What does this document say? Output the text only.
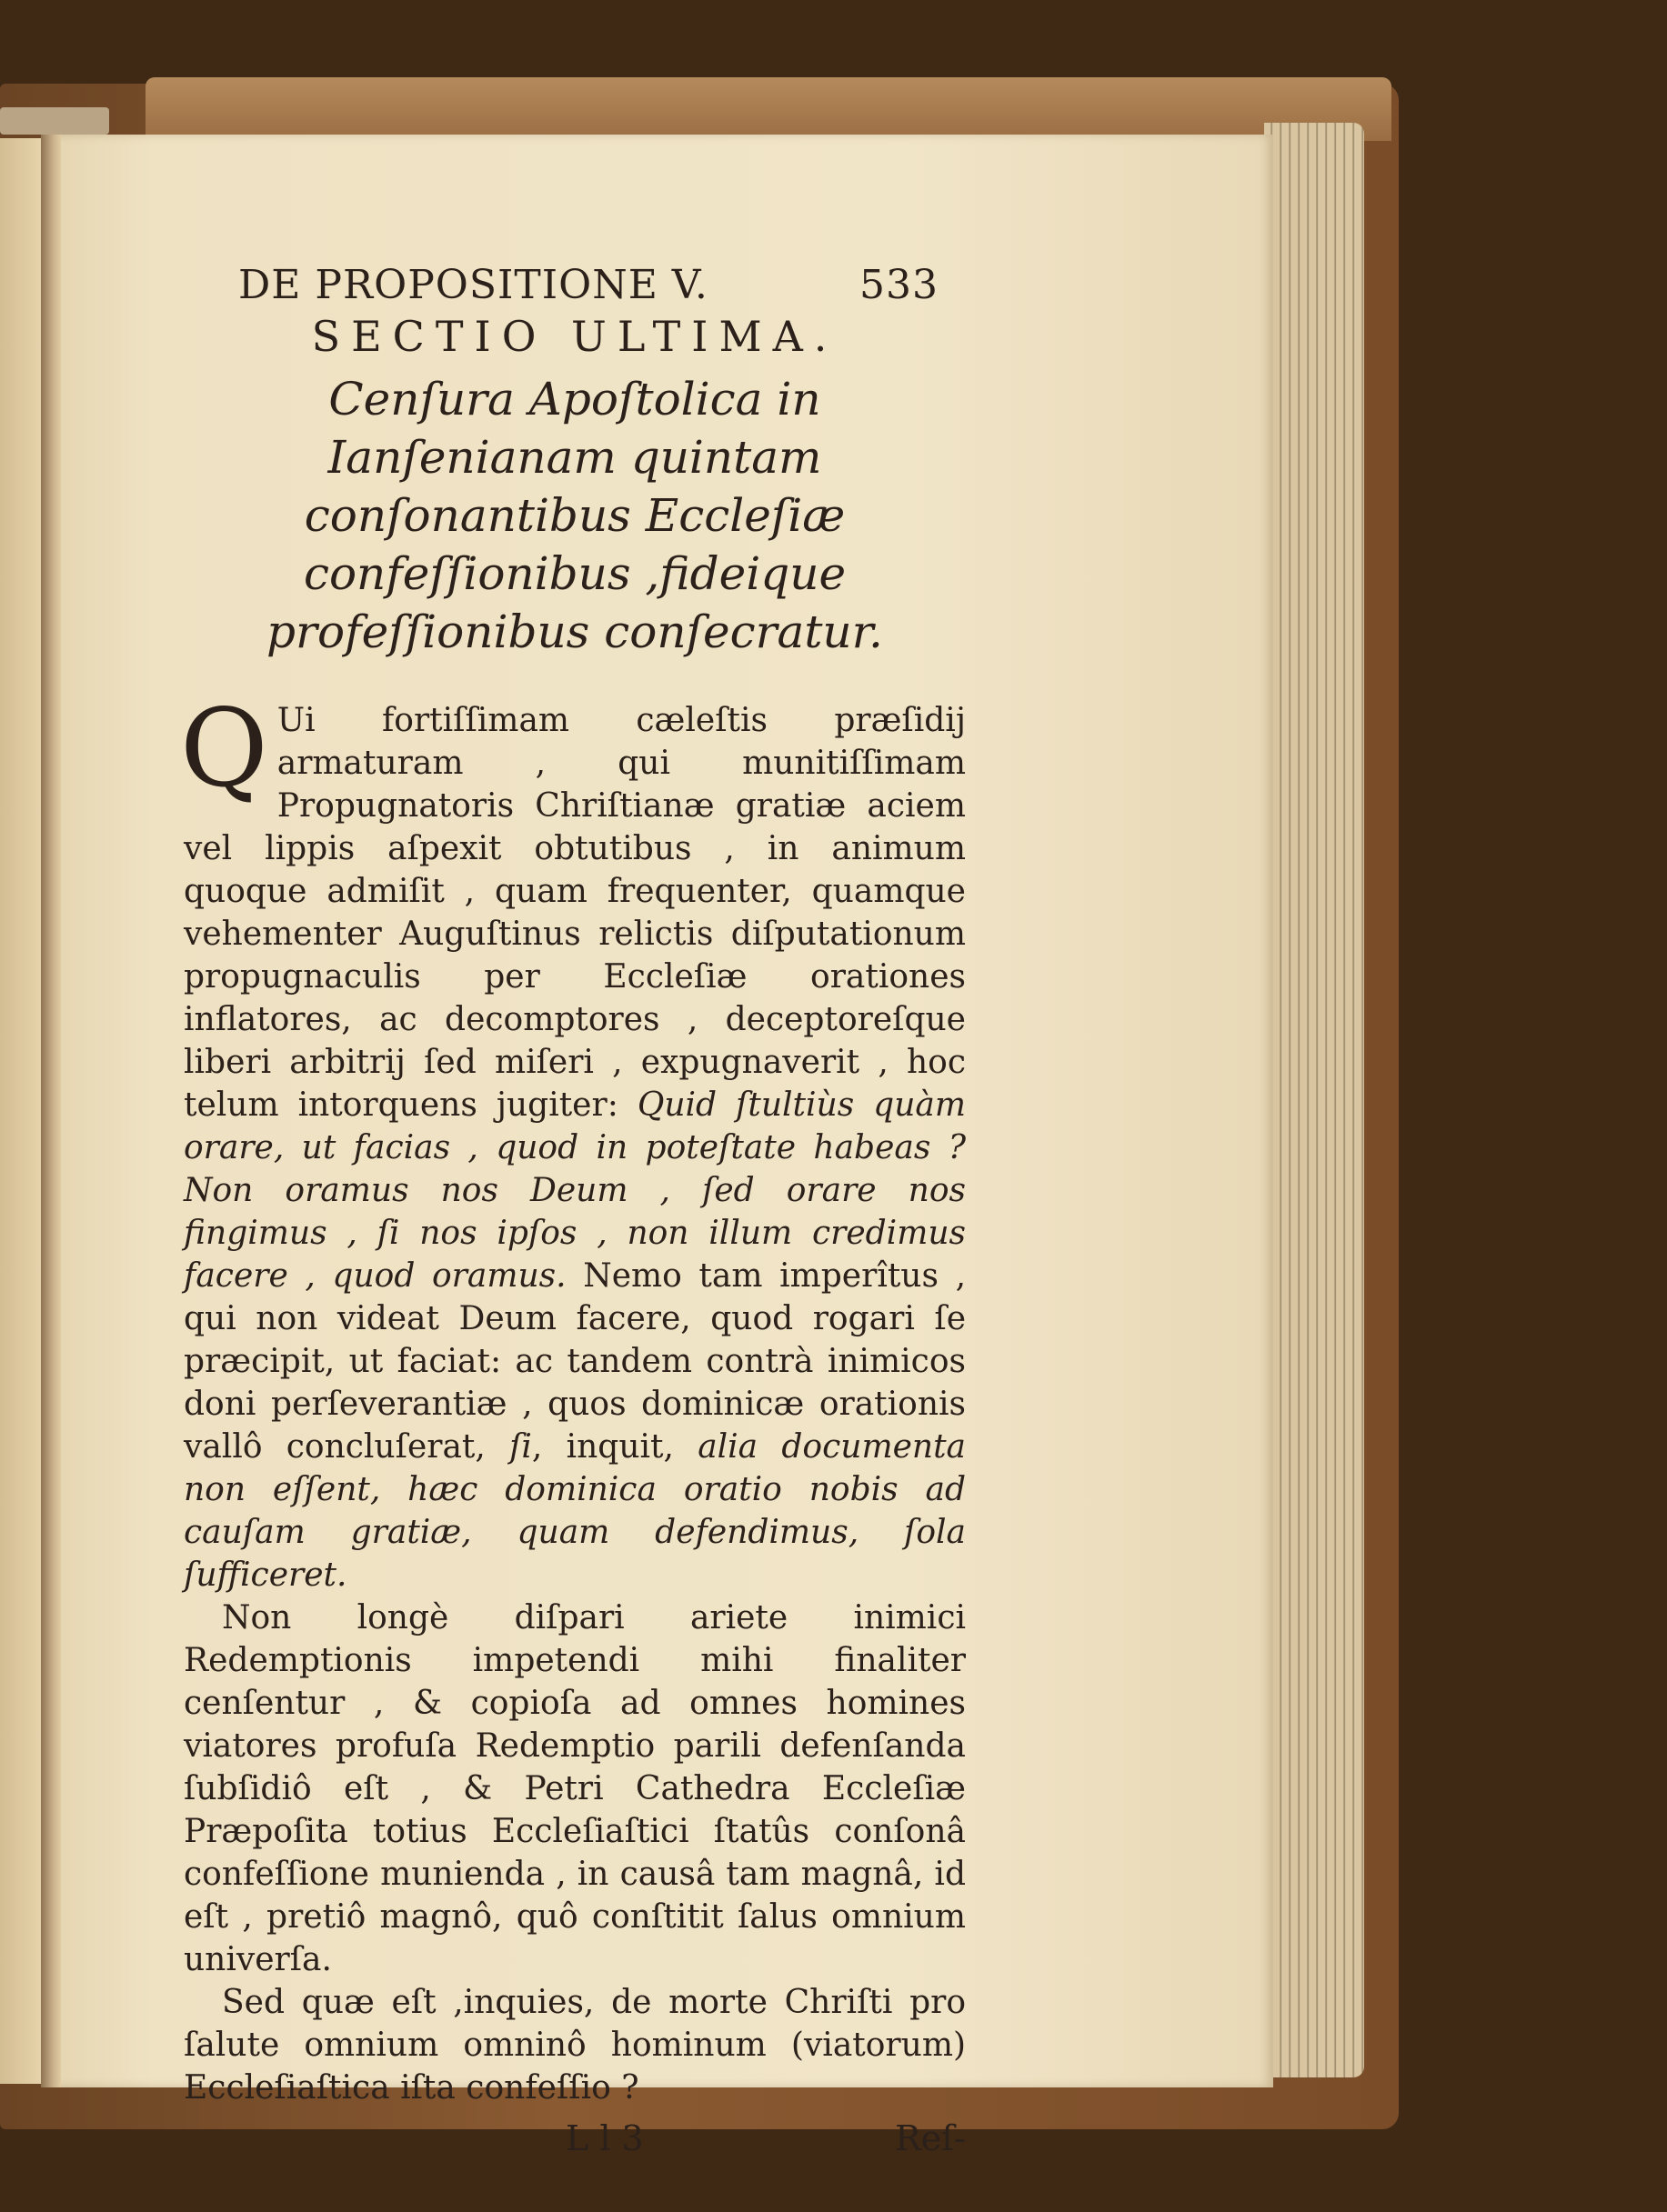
DE PROPOSITIONE V.	533
SECTIO ULTIMA.
Cenſura Apoſtolica in Ianſenianam quintam conſonantibus Eccleſiæ confeſſionibus ,fideique profeſſionibus conſecratur.

Q Ui fortiſſimam cæleſtis præſidij armaturam , qui munitiſſimam Propugnatoris Chriſtianæ gratiæ aciem vel lippis aſpexit obtutibus , in animum quoque admiſit , quam frequenter, quamque vehementer Auguſtinus relictis diſputationum propugnaculis per Eccleſiæ orationes inflatores, ac decomptores , deceptoreſque liberi arbitrij ſed miſeri , expugnaverit , hoc telum intorquens jugiter: Quid ſtultiùs quàm orare, ut facias , quod in poteſtate habeas ? Non oramus nos Deum , ſed orare nos fingimus , ſi nos ipſos , non illum credimus facere , quod oramus. Nemo tam imperîtus , qui non videat Deum facere, quod rogari ſe præcipit, ut faciat: ac tandem contrà inimicos doni perſeverantiæ , quos dominicæ orationis vallô concluſerat, ſi, inquit, alia documenta non eſſent, hæc dominica oratio nobis ad cauſam gratiæ, quam defendimus, ſola ſufficeret.

Non longè diſpari ariete inimici Redemptionis impetendi mihi finaliter cenſentur , & copioſa ad omnes homines viatores profuſa Redemptio parili defenſanda ſubſidiô eſt , & Petri Cathedra Eccleſiæ Præpoſita totius Eccleſiaſtici ſtatûs conſonâ confeſſione munienda , in causâ tam magnâ, id eſt , pretiô magnô, quô conſtitit ſalus omnium univerſa.

Sed quæ eſt ,inquies, de morte Chriſti pro ſalute omnium omninô hominum (viatorum) Eccleſiaſtica iſta confeſſio ?

L l 3	Reſ-
